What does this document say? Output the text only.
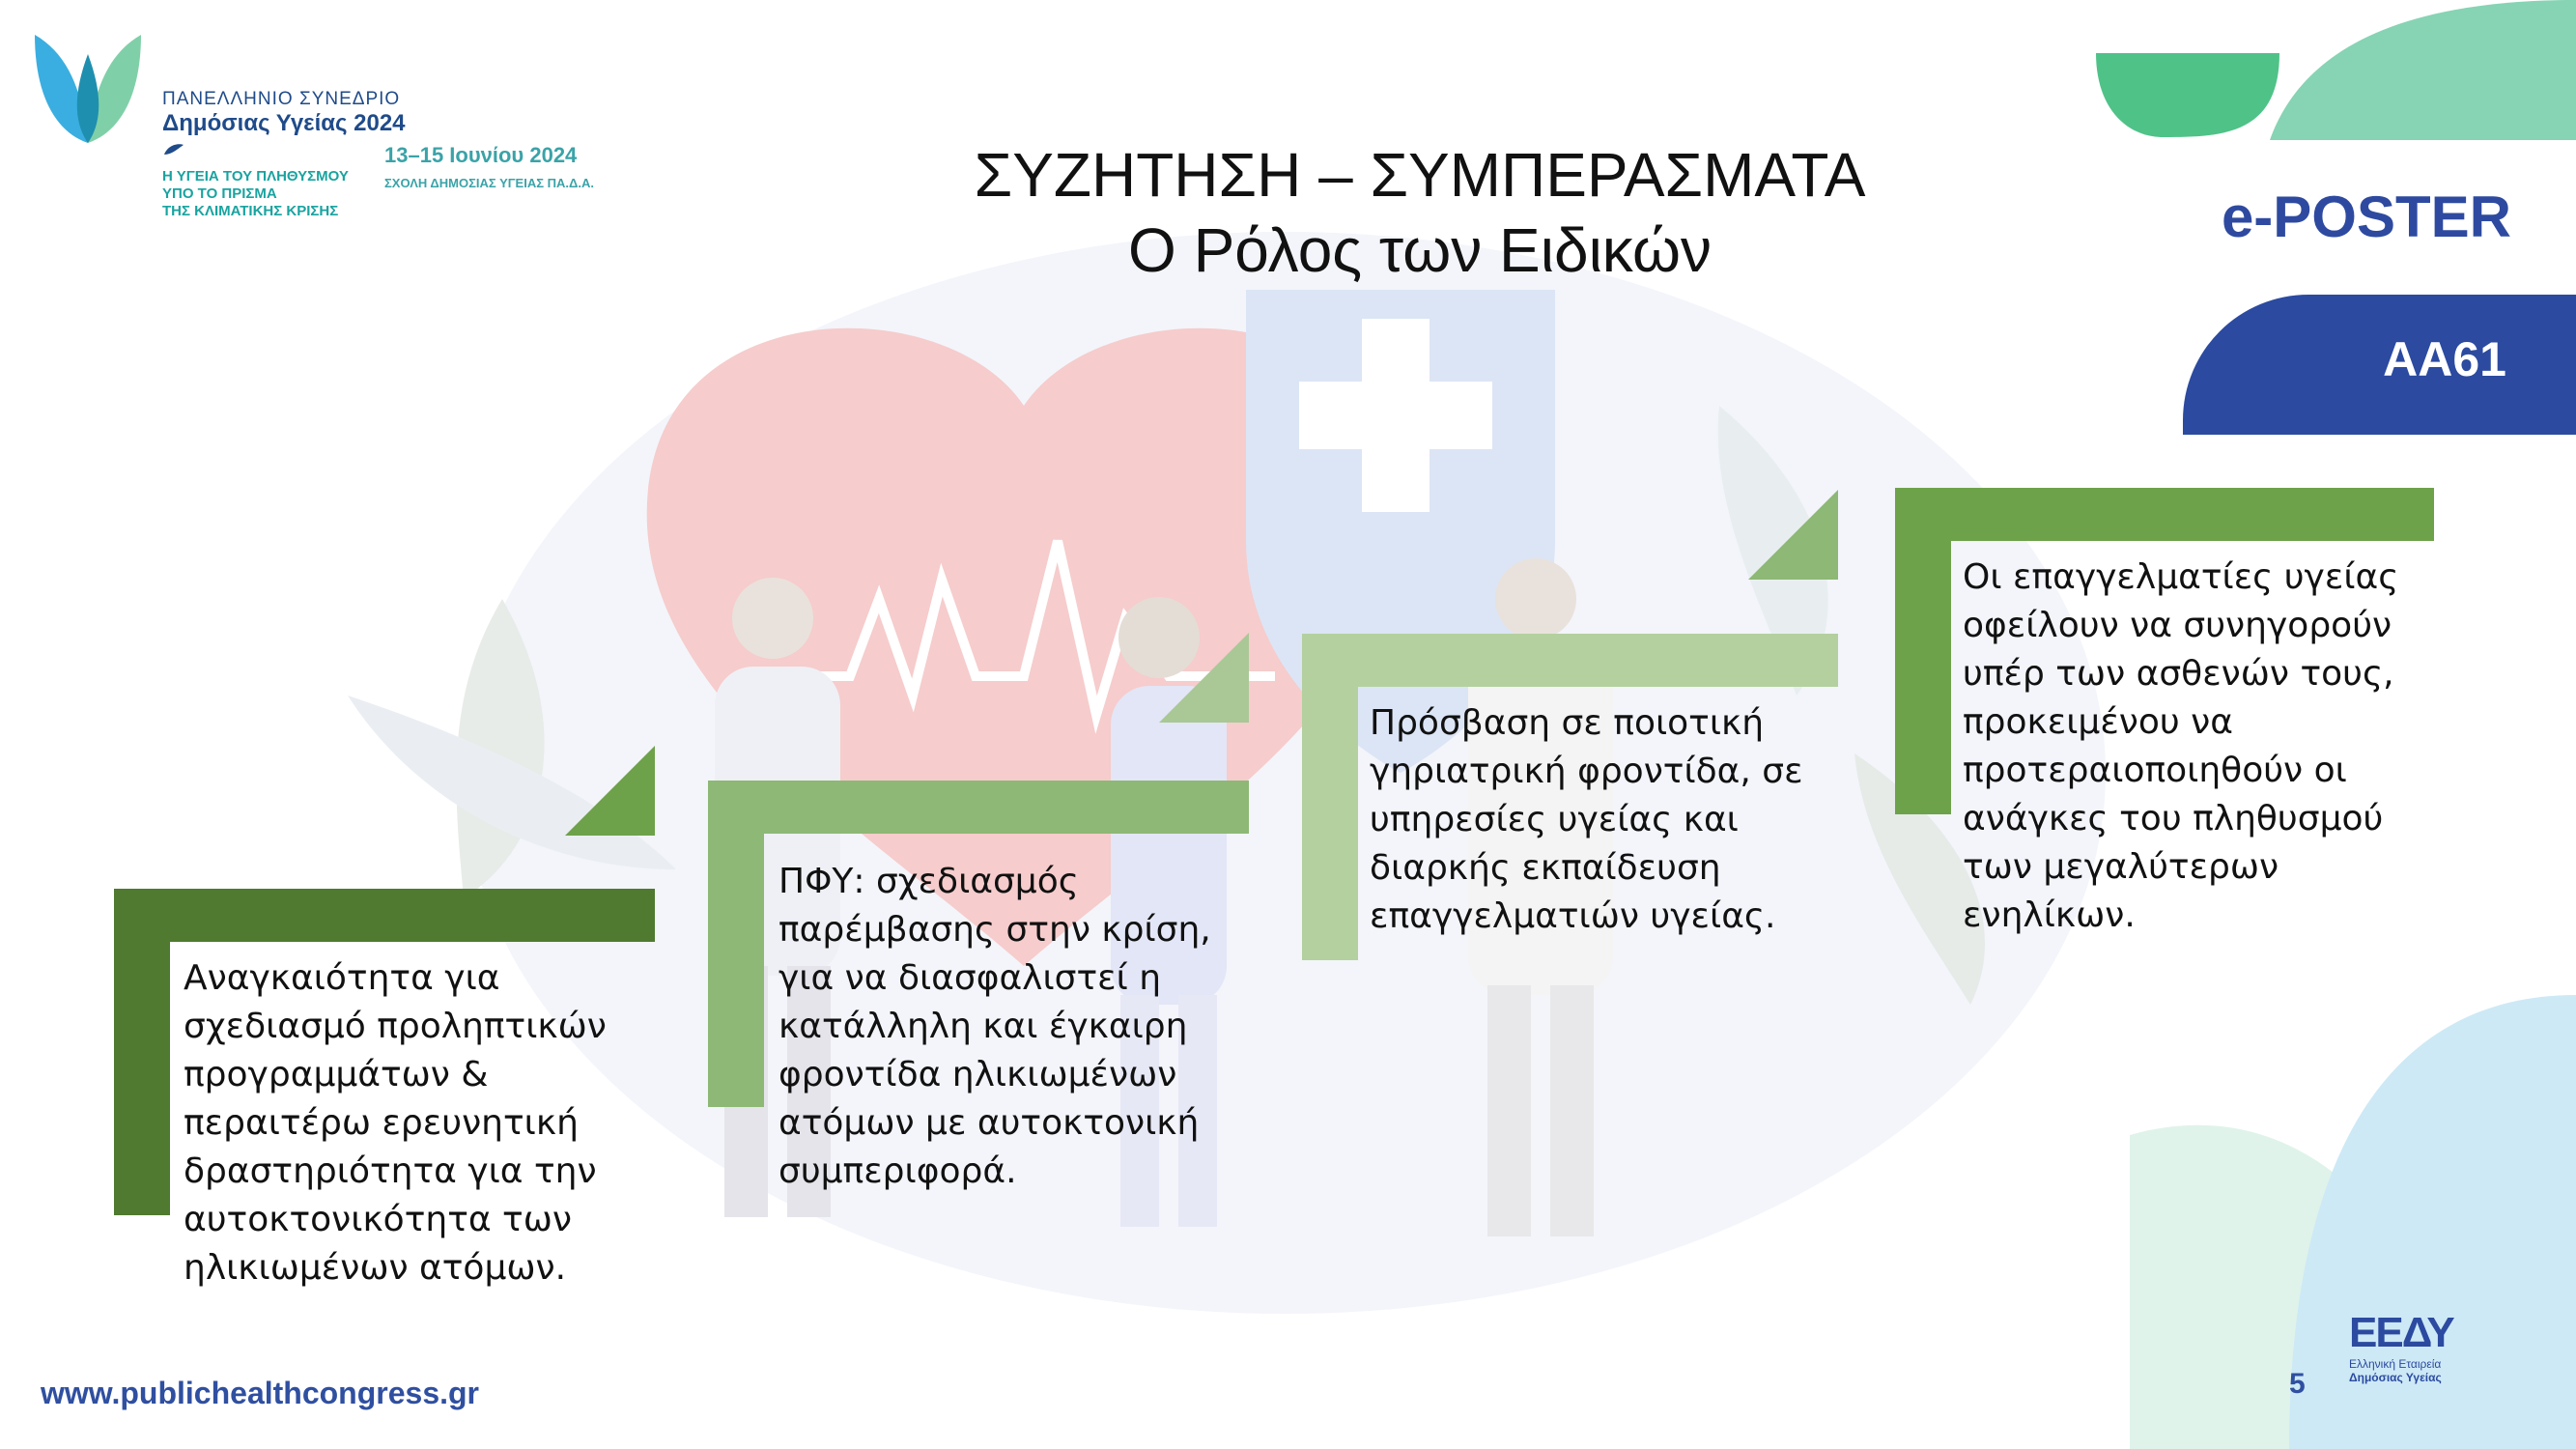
ΠΑΝΕΛΛΗΝΙΟ ΣΥΝΕΔΡΙΟ
Δημόσιας Υγείας 2024
Η ΥΓΕΙΑ ΤΟΥ ΠΛΗΘΥΣΜΟΥ
ΥΠΟ ΤΟ ΠΡΙΣΜΑ
ΤΗΣ ΚΛΙΜΑΤΙΚΗΣ ΚΡΙΣΗΣ
13–15 Ιουνίου 2024
ΣΧΟΛΗ ΔΗΜΟΣΙΑΣ ΥΓΕΙΑΣ ΠΑ.Δ.Α.	ΣΥΖΗΤΗΣΗ – ΣΥΜΠΕΡΑΣΜΑΤΑ
Ο Ρόλος των Ειδικών	e-POSTER
AA61
Αναγκαιότητα για
σχεδιασμό προληπτικών
προγραμμάτων &
περαιτέρω ερευνητική
δραστηριότητα για την
αυτοκτονικότητα των
ηλικιωμένων ατόμων.
ΠΦΥ: σχεδιασμός
παρέμβασης στην κρίση,
για να διασφαλιστεί η
κατάλληλη και έγκαιρη
φροντίδα ηλικιωμένων
ατόμων με αυτοκτονική
συμπεριφορά.
Πρόσβαση σε ποιοτική
γηριατρική φροντίδα, σε
υπηρεσίες υγείας και
διαρκής εκπαίδευση
επαγγελματιών υγείας.
Οι επαγγελματίες υγείας
οφείλουν να συνηγορούν
υπέρ των ασθενών τους,
προκειμένου να
προτεραιοποιηθούν οι
ανάγκες του πληθυσμού
των μεγαλύτερων
ενηλίκων.
www.publichealthcongress.gr	5
ΕΕΔΥ
Ελληνική Εταιρεία
Δημόσιας Υγείας
